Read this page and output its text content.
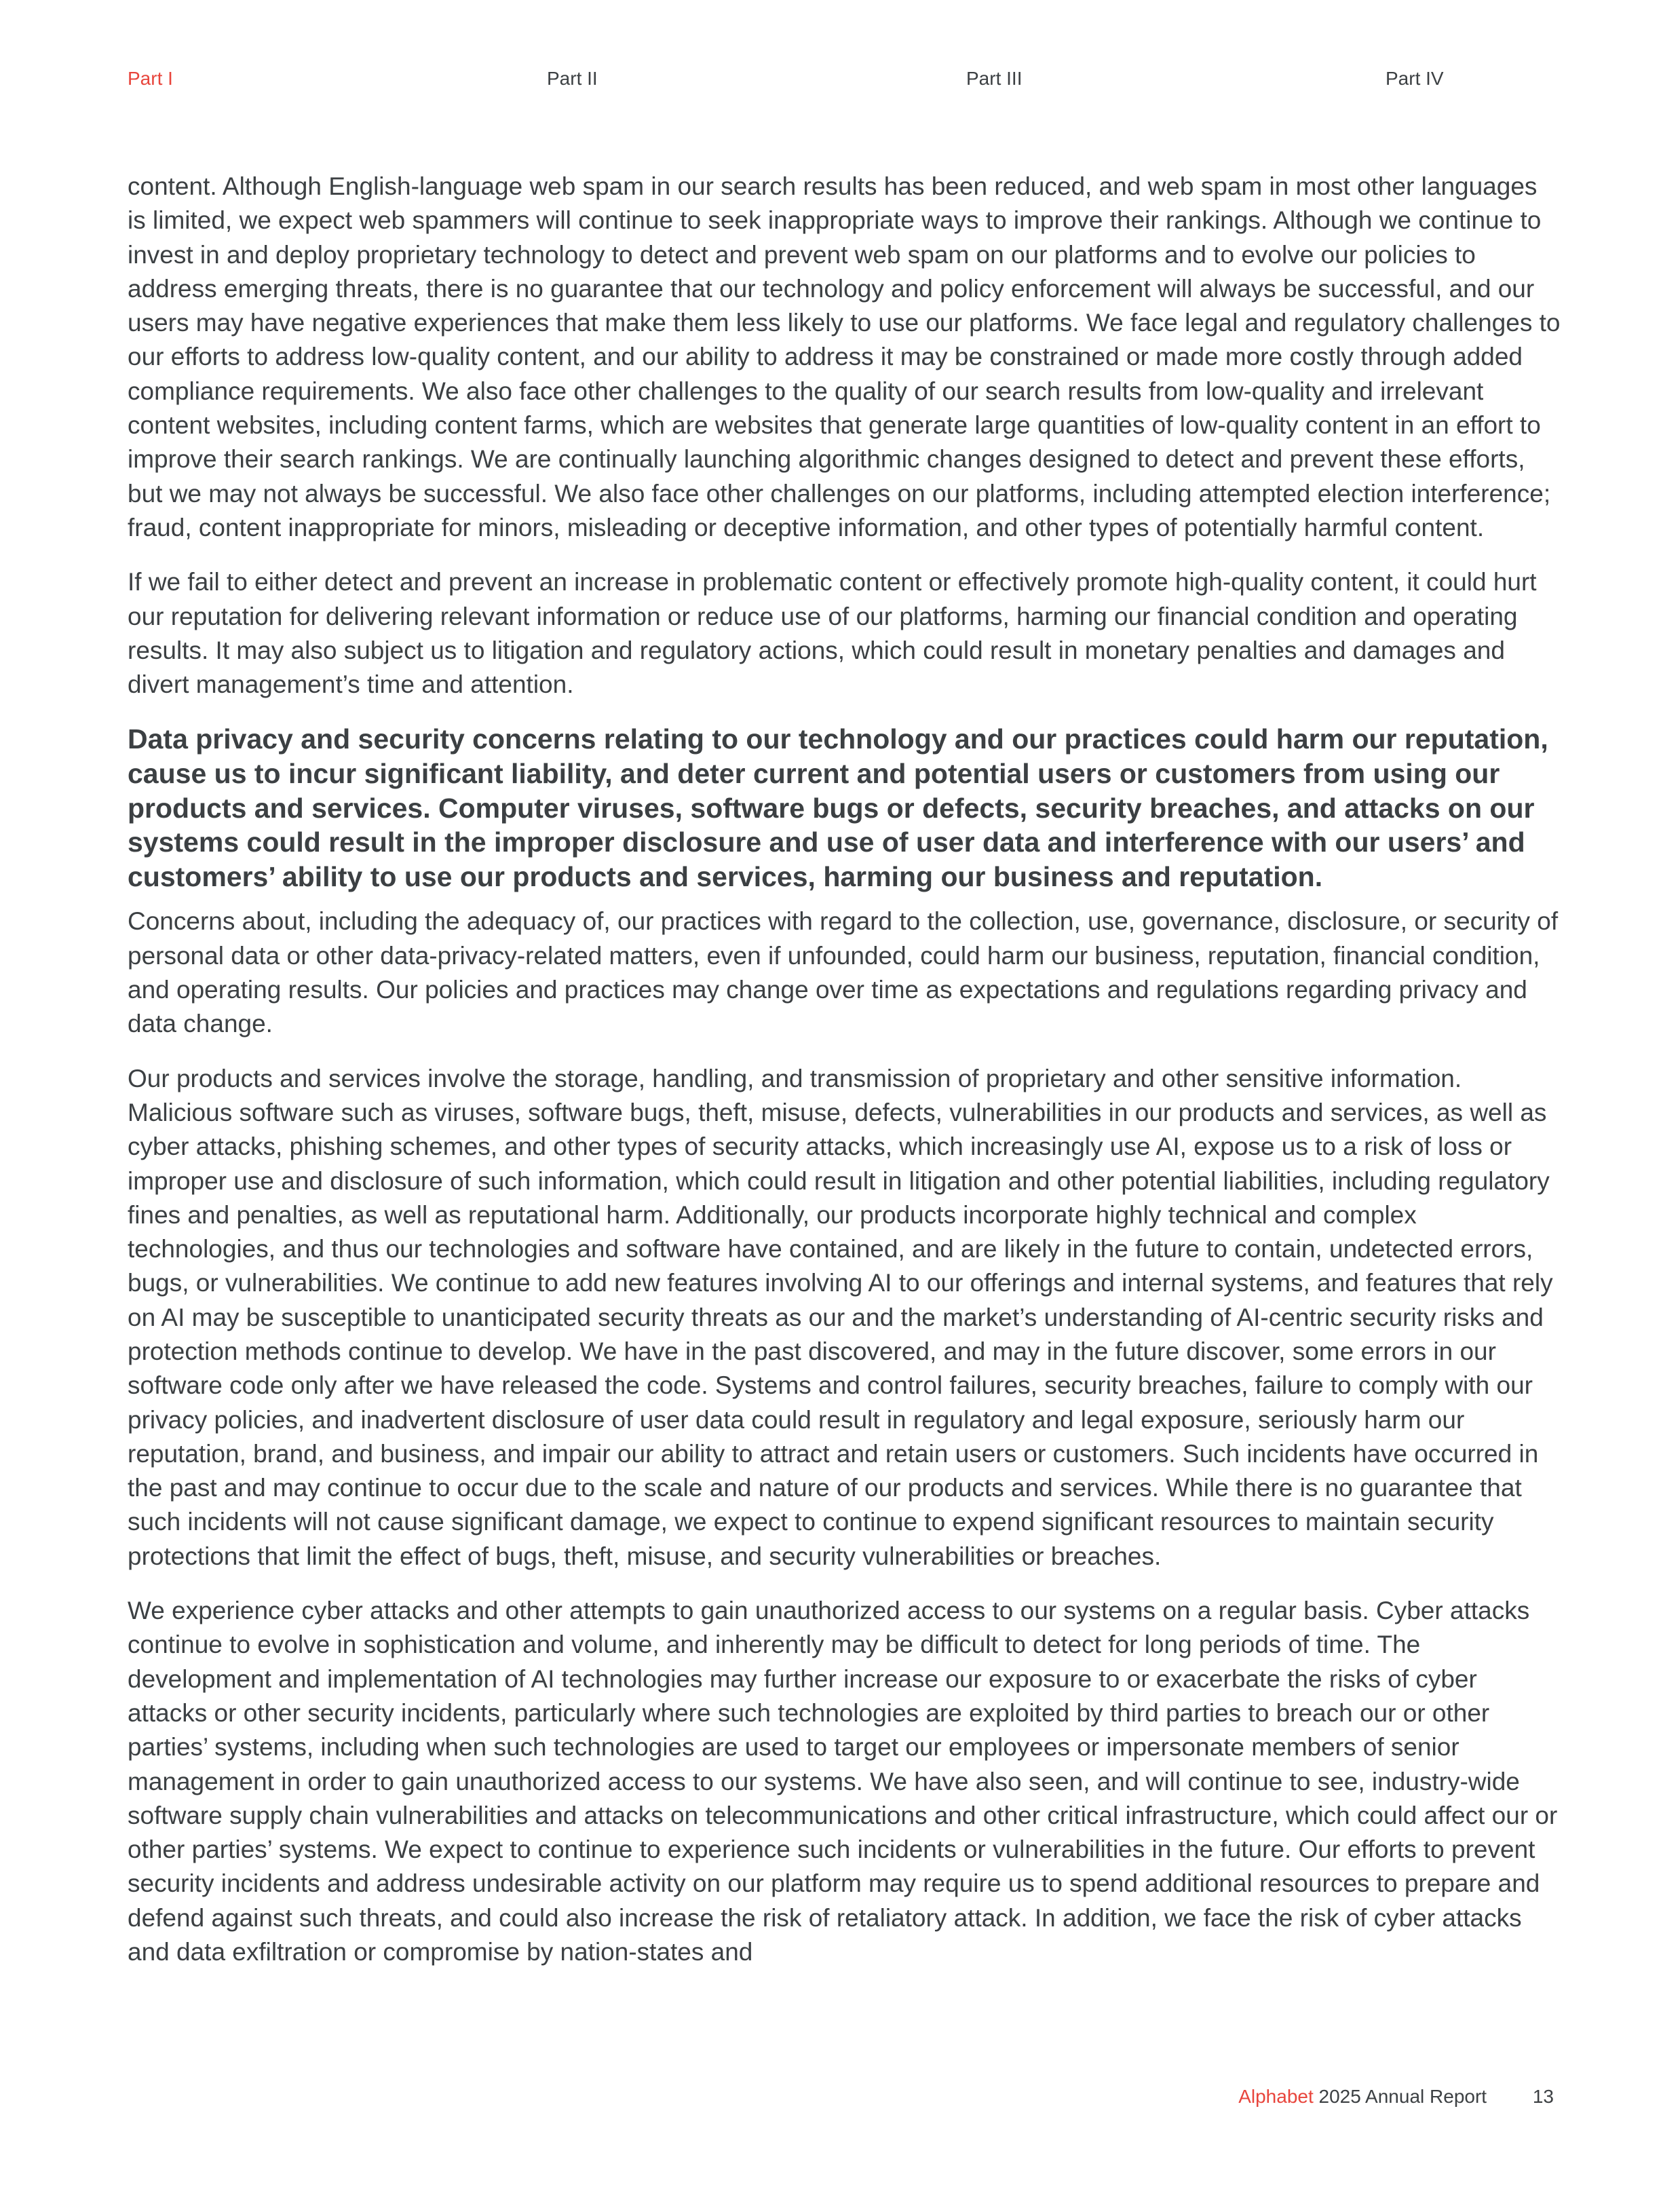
Part I	Part II	Part III	Part IV

content. Although English-language web spam in our search results has been reduced, and web spam in most other languages is limited, we expect web spammers will continue to seek inappropriate ways to improve their rankings. Although we continue to invest in and deploy proprietary technology to detect and prevent web spam on our platforms and to evolve our policies to address emerging threats, there is no guarantee that our technology and policy enforcement will always be successful, and our users may have negative experiences that make them less likely to use our platforms. We face legal and regulatory challenges to our efforts to address low-quality content, and our ability to address it may be constrained or made more costly through added compliance requirements. We also face other challenges to the quality of our search results from low-quality and irrelevant content websites, including content farms, which are websites that generate large quantities of low-quality content in an effort to improve their search rankings. We are continually launching algorithmic changes designed to detect and prevent these efforts, but we may not always be successful. We also face other challenges on our platforms, including attempted election interference; fraud, content inappropriate for minors, misleading or deceptive information, and other types of potentially harmful content.

If we fail to either detect and prevent an increase in problematic content or effectively promote high-quality content, it could hurt our reputation for delivering relevant information or reduce use of our platforms, harming our financial condition and operating results. It may also subject us to litigation and regulatory actions, which could result in monetary penalties and damages and divert management’s time and attention.

Data privacy and security concerns relating to our technology and our practices could harm our reputation, cause us to incur significant liability, and deter current and potential users or customers from using our products and services. Computer viruses, software bugs or defects, security breaches, and attacks on our systems could result in the improper disclosure and use of user data and interference with our users’ and customers’ ability to use our products and services, harming our business and reputation.

Concerns about, including the adequacy of, our practices with regard to the collection, use, governance, disclosure, or security of personal data or other data-privacy-related matters, even if unfounded, could harm our business, reputation, financial condition, and operating results. Our policies and practices may change over time as expectations and regulations regarding privacy and data change.

Our products and services involve the storage, handling, and transmission of proprietary and other sensitive information. Malicious software such as viruses, software bugs, theft, misuse, defects, vulnerabilities in our products and services, as well as cyber attacks, phishing schemes, and other types of security attacks, which increasingly use AI, expose us to a risk of loss or improper use and disclosure of such information, which could result in litigation and other potential liabilities, including regulatory fines and penalties, as well as reputational harm. Additionally, our products incorporate highly technical and complex technologies, and thus our technologies and software have contained, and are likely in the future to contain, undetected errors, bugs, or vulnerabilities. We continue to add new features involving AI to our offerings and internal systems, and features that rely on AI may be susceptible to unanticipated security threats as our and the market’s understanding of AI-centric security risks and protection methods continue to develop. We have in the past discovered, and may in the future discover, some errors in our software code only after we have released the code. Systems and control failures, security breaches, failure to comply with our privacy policies, and inadvertent disclosure of user data could result in regulatory and legal exposure, seriously harm our reputation, brand, and business, and impair our ability to attract and retain users or customers. Such incidents have occurred in the past and may continue to occur due to the scale and nature of our products and services. While there is no guarantee that such incidents will not cause significant damage, we expect to continue to expend significant resources to maintain security protections that limit the effect of bugs, theft, misuse, and security vulnerabilities or breaches.

We experience cyber attacks and other attempts to gain unauthorized access to our systems on a regular basis. Cyber attacks continue to evolve in sophistication and volume, and inherently may be difficult to detect for long periods of time. The development and implementation of AI technologies may further increase our exposure to or exacerbate the risks of cyber attacks or other security incidents, particularly where such technologies are exploited by third parties to breach our or other parties’ systems, including when such technologies are used to target our employees or impersonate members of senior management in order to gain unauthorized access to our systems. We have also seen, and will continue to see, industry-wide software supply chain vulnerabilities and attacks on telecommunications and other critical infrastructure, which could affect our or other parties’ systems. We expect to continue to experience such incidents or vulnerabilities in the future. Our efforts to prevent security incidents and address undesirable activity on our platform may require us to spend additional resources to prepare and defend against such threats, and could also increase the risk of retaliatory attack. In addition, we face the risk of cyber attacks and data exfiltration or compromise by nation-states and

Alphabet 2025 Annual Report 13
